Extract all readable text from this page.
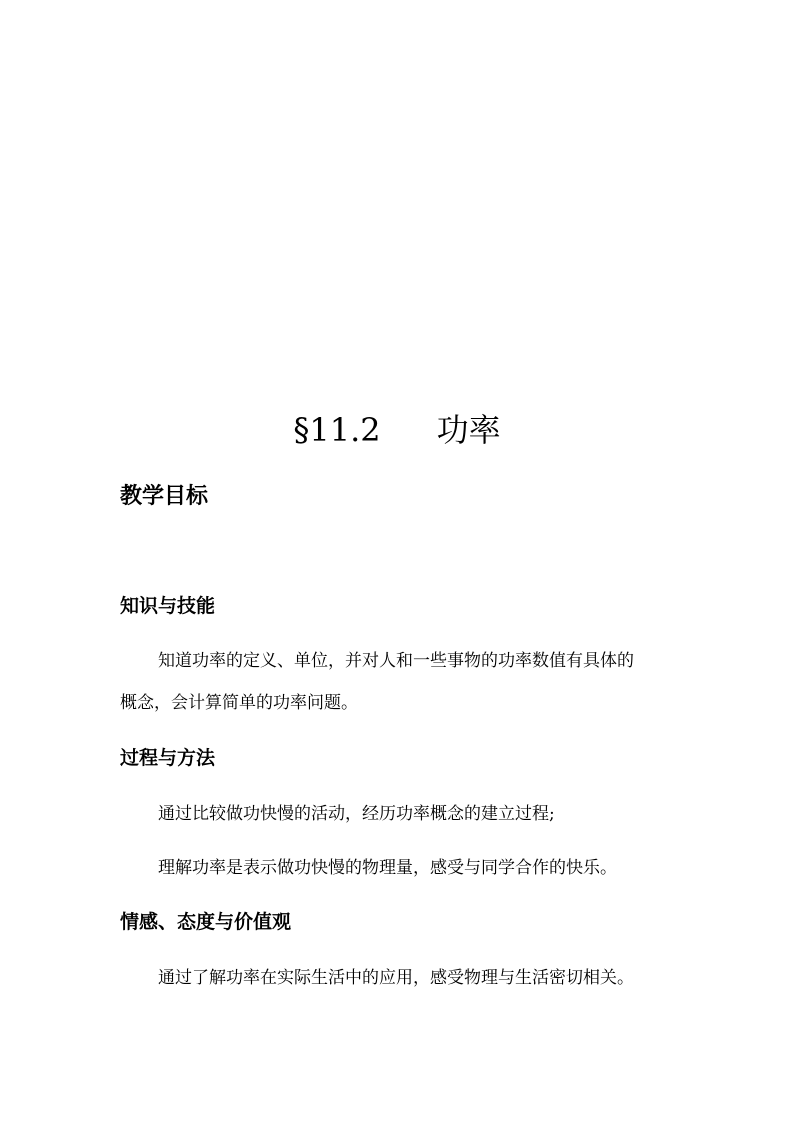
§11.2 功率
教学目标
知识与技能
知道功率的定义、单位，并对人和一些事物的功率数值有具体的
概念，会计算简单的功率问题。
过程与方法
通过比较做功快慢的活动，经历功率概念的建立过程;
理解功率是表示做功快慢的物理量，感受与同学合作的快乐。
情感、态度与价值观
通过了解功率在实际生活中的应用，感受物理与生活密切相关。
